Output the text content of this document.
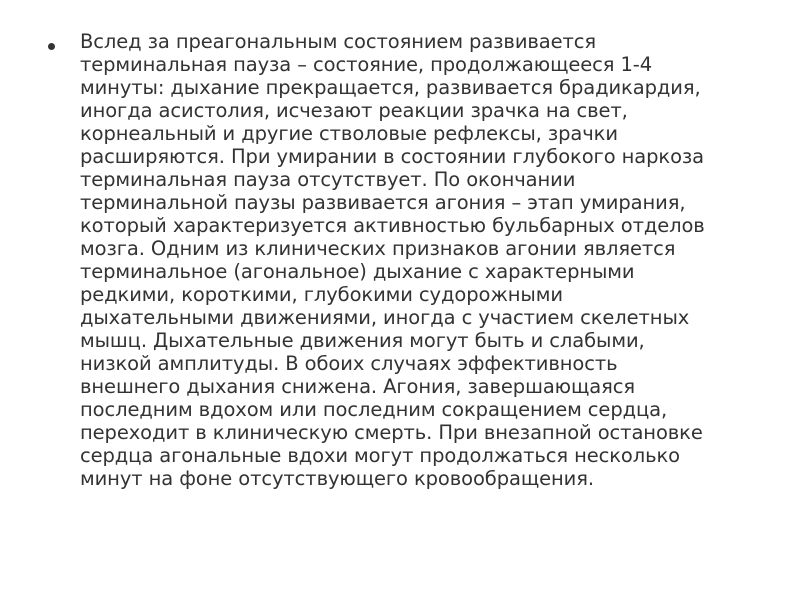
Вслед за преагональным состоянием развивается
терминальная пауза – состояние, продолжающееся 1-4
минуты: дыхание прекращается, развивается брадикардия,
иногда асистолия, исчезают реакции зрачка на свет,
корнеальный и другие стволовые рефлексы, зрачки
расширяются. При умирании в состоянии глубокого наркоза
терминальная пауза отсутствует. По окончании
терминальной паузы развивается агония – этап умирания,
который характеризуется активностью бульбарных отделов
мозга. Одним из клинических признаков агонии является
терминальное (агональное) дыхание с характерными
редкими, короткими, глубокими судорожными
дыхательными движениями, иногда с участием скелетных
мышц. Дыхательные движения могут быть и слабыми,
низкой амплитуды. В обоих случаях эффективность
внешнего дыхания снижена. Агония, завершающаяся
последним вдохом или последним сокращением сердца,
переходит в клиническую смерть. При внезапной остановке
сердца агональные вдохи могут продолжаться несколько
минут на фоне отсутствующего кровообращения.
